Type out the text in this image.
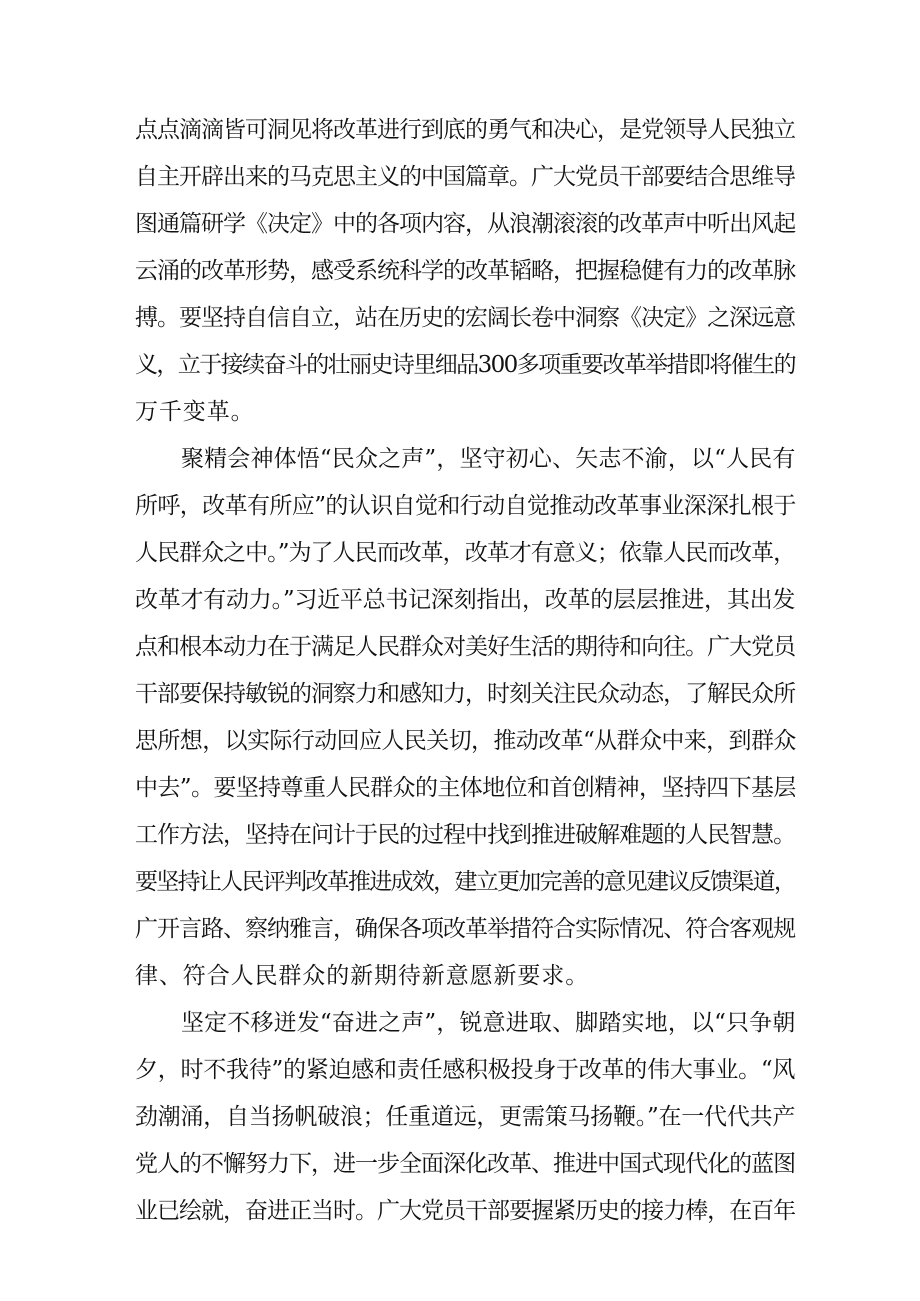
点点滴滴皆可洞见将改革进行到底的勇气和决心，是党领导人民独立
自主开辟出来的马克思主义的中国篇章。广大党员干部要结合思维导
图通篇研学《决定》中的各项内容，从浪潮滚滚的改革声中听出风起
云涌的改革形势，感受系统科学的改革韬略，把握稳健有力的改革脉
搏。要坚持自信自立，站在历史的宏阔长卷中洞察《决定》之深远意
义，立于接续奋斗的壮丽史诗里细品300多项重要改革举措即将催生的
万千变革。
聚精会神体悟“民众之声”，坚守初心、矢志不渝，以“人民有
所呼，改革有所应”的认识自觉和行动自觉推动改革事业深深扎根于
人民群众之中。”为了人民而改革，改革才有意义；依靠人民而改革，
改革才有动力。”习近平总书记深刻指出，改革的层层推进，其出发
点和根本动力在于满足人民群众对美好生活的期待和向往。广大党员
干部要保持敏锐的洞察力和感知力，时刻关注民众动态，了解民众所
思所想，以实际行动回应人民关切，推动改革“从群众中来，到群众
中去”。要坚持尊重人民群众的主体地位和首创精神，坚持四下基层
工作方法，坚持在问计于民的过程中找到推进破解难题的人民智慧。
要坚持让人民评判改革推进成效，建立更加完善的意见建议反馈渠道，
广开言路、察纳雅言，确保各项改革举措符合实际情况、符合客观规
律、符合人民群众的新期待新意愿新要求。
坚定不移迸发“奋进之声”，锐意进取、脚踏实地，以“只争朝
夕，时不我待”的紧迫感和责任感积极投身于改革的伟大事业。“风
劲潮涌，自当扬帆破浪；任重道远，更需策马扬鞭。”在一代代共产
党人的不懈努力下，进一步全面深化改革、推进中国式现代化的蓝图
业已绘就，奋进正当时。广大党员干部要握紧历史的接力棒，在百年
